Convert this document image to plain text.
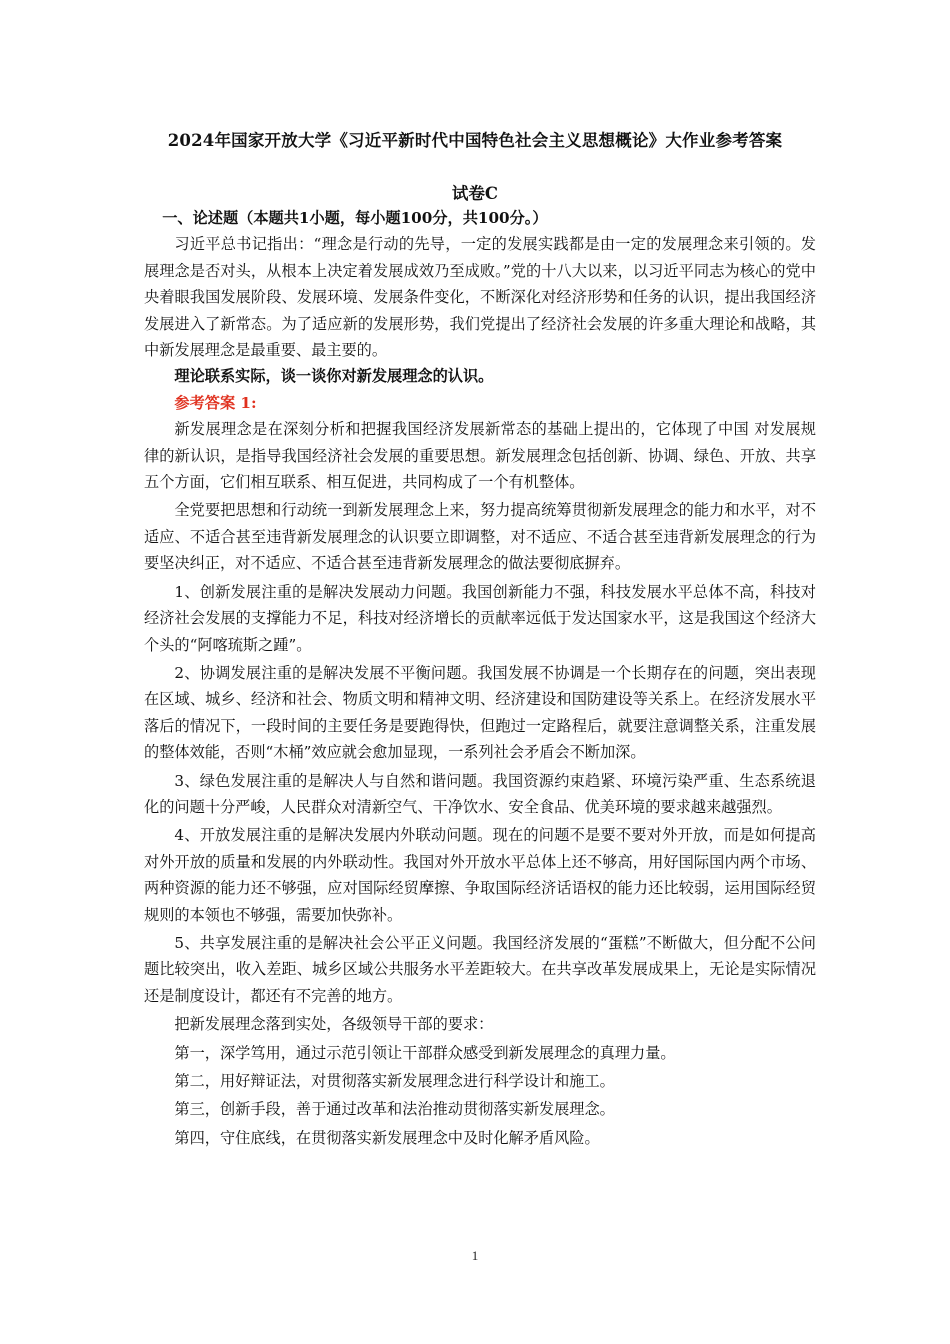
2024年国家开放大学《习近平新时代中国特色社会主义思想概论》大作业参考答案
试卷C

一、论述题（本题共1小题，每小题100分，共100分。）

习近平总书记指出：“理念是行动的先导，一定的发展实践都是由一定的发展理念来引领的。发展理念是否对头，从根本上决定着发展成效乃至成败。”党的十八大以来，以习近平同志为核心的党中央着眼我国发展阶段、发展环境、发展条件变化，不断深化对经济形势和任务的认识，提出我国经济发展进入了新常态。为了适应新的发展形势，我们党提出了经济社会发展的许多重大理论和战略，其中新发展理念是最重要、最主要的。

理论联系实际，谈一谈你对新发展理念的认识。

参考答案 1:

新发展理念是在深刻分析和把握我国经济发展新常态的基础上提出的，它体现了中国 对发展规律的新认识，是指导我国经济社会发展的重要思想。新发展理念包括创新、协调、绿色、开放、共享五个方面，它们相互联系、相互促进，共同构成了一个有机整体。

全党要把思想和行动统一到新发展理念上来，努力提高统筹贯彻新发展理念的能力和水平，对不适应、不适合甚至违背新发展理念的认识要立即调整，对不适应、不适合甚至违背新发展理念的行为要坚决纠正，对不适应、不适合甚至违背新发展理念的做法要彻底摒弃。

1、创新发展注重的是解决发展动力问题。我国创新能力不强，科技发展水平总体不高，科技对经济社会发展的支撑能力不足，科技对经济增长的贡献率远低于发达国家水平，这是我国这个经济大个头的“阿喀琉斯之踵”。

2、协调发展注重的是解决发展不平衡问题。我国发展不协调是一个长期存在的问题，突出表现在区域、城乡、经济和社会、物质文明和精神文明、经济建设和国防建设等关系上。在经济发展水平落后的情况下，一段时间的主要任务是要跑得快，但跑过一定路程后，就要注意调整关系，注重发展的整体效能，否则“木桶”效应就会愈加显现，一系列社会矛盾会不断加深。

3、绿色发展注重的是解决人与自然和谐问题。我国资源约束趋紧、环境污染严重、生态系统退化的问题十分严峻，人民群众对清新空气、干净饮水、安全食品、优美环境的要求越来越强烈。

4、开放发展注重的是解决发展内外联动问题。现在的问题不是要不要对外开放，而是如何提高对外开放的质量和发展的内外联动性。我国对外开放水平总体上还不够高，用好国际国内两个市场、两种资源的能力还不够强，应对国际经贸摩擦、争取国际经济话语权的能力还比较弱，运用国际经贸规则的本领也不够强，需要加快弥补。

5、共享发展注重的是解决社会公平正义问题。我国经济发展的“蛋糕”不断做大，但分配不公问题比较突出，收入差距、城乡区域公共服务水平差距较大。在共享改革发展成果上，无论是实际情况还是制度设计，都还有不完善的地方。

把新发展理念落到实处，各级领导干部的要求：

第一，深学笃用，通过示范引领让干部群众感受到新发展理念的真理力量。

第二，用好辩证法，对贯彻落实新发展理念进行科学设计和施工。

第三，创新手段，善于通过改革和法治推动贯彻落实新发展理念。

第四，守住底线，在贯彻落实新发展理念中及时化解矛盾风险。

1
